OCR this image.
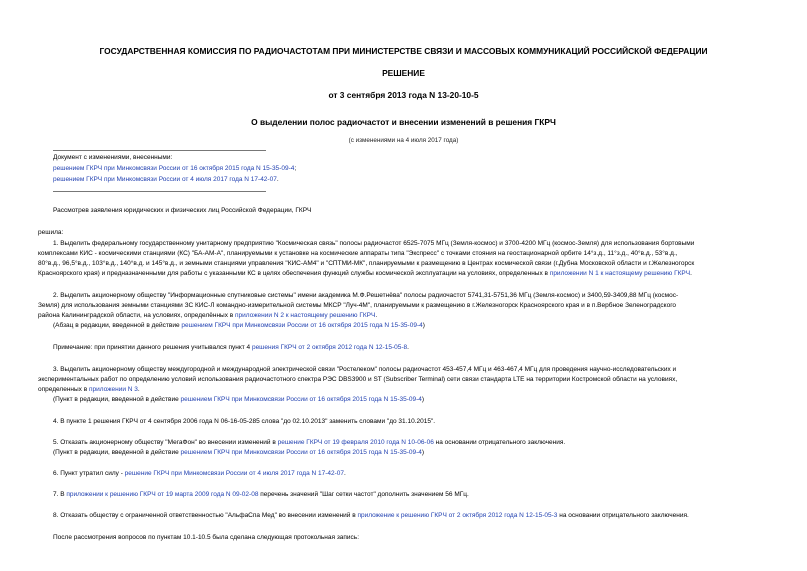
ГОСУДАРСТВЕННАЯ КОМИССИЯ ПО РАДИОЧАСТОТАМ ПРИ МИНИСТЕРСТВЕ СВЯЗИ И МАССОВЫХ КОММУНИКАЦИЙ РОССИЙСКОЙ ФЕДЕРАЦИИ
РЕШЕНИЕ
от 3 сентября 2013 года N 13-20-10-5
О выделении полос радиочастот и внесении изменений в решения ГКРЧ
(с изменениями на 4 июля 2017 года)
Документ с изменениями, внесенными:
решением ГКРЧ при Минкомсвязи России от 16 октября 2015 года N 15-35-09-4;
решением ГКРЧ при Минкомсвязи России от 4 июля 2017 года N 17-42-07.
Рассмотрев заявления юридических и физических лиц Российской Федерации, ГКРЧ
решила:
1. Выделить федеральному государственному унитарному предприятию "Космическая связь" полосы радиочастот 6525-7075 МГц (Земля-космос) и 3700-4200 МГц (космос-Земля) для использования бортовыми
комплексами КИС - космическими станциями (КС) "БА-АМ-А", планируемыми к установке на космические аппараты типа "Экспресс" с точками стояния на геостационарной орбите 14°з.д., 11°з.д., 40°в.д., 53°в.д.,
80°в.д., 96,5°в.д., 103°в.д., 140°в.д. и 145°в.д., и земными станциями управления "КИС-АМ4" и "СПТМИ-МК", планируемыми к размещению в Центрах космической связи (г.Дубна Московской области и г.Железногорск
Красноярского края) и предназначенными для работы с указанными КС в целях обеспечения функций службы космической эксплуатации на условиях, определенных в приложении N 1 к настоящему решению ГКРЧ.
2. Выделить акционерному обществу "Информационные спутниковые системы" имени академика М.Ф.Решетнёва" полосы радиочастот 5741,31-5751,36 МГц (Земля-космос) и 3400,59-3409,88 МГц (космос-
Земля) для использования земными станциями ЗС КИС-Л командно-измерительной системы МКСР "Луч-4М", планируемыми к размещению в г.Железногорск Красноярского края и в п.Вербное Зеленоградского
района Калининградской области, на условиях, определённых в приложении N 2 к настоящему решению ГКРЧ.
(Абзац в редакции, введенной в действие решением ГКРЧ при Минкомсвязи России от 16 октября 2015 года N 15-35-09-4)
Примечание: при принятии данного решения учитывался пункт 4 решения ГКРЧ от 2 октября 2012 года N 12-15-05-8.
3. Выделить акционерному обществу междугородной и международной электрической связи "Ростелеком" полосы радиочастот 453-457,4 МГц и 463-467,4 МГц для проведения научно-исследовательских и
экспериментальных работ по определению условий использования радиочастотного спектра РЭС DBS3900 и ST (Subscriber Terminal) сети связи стандарта LTE на территории Костромской области на условиях,
определенных в приложении N 3.
(Пункт в редакции, введенной в действие решением ГКРЧ при Минкомсвязи России от 16 октября 2015 года N 15-35-09-4)
4. В пункте 1 решения ГКРЧ от 4 сентября 2006 года N 06-16-05-285 слова "до 02.10.2013" заменить словами "до 31.10.2015".
5. Отказать акционерному обществу "МегаФон" во внесении изменений в решение ГКРЧ от 19 февраля 2010 года N 10-06-06 на основании отрицательного заключения.
(Пункт в редакции, введенной в действие решением ГКРЧ при Минкомсвязи России от 16 октября 2015 года N 15-35-09-4)
6. Пункт утратил силу - решение ГКРЧ при Минкомсвязи России от 4 июля 2017 года N 17-42-07.
7. В приложении к решению ГКРЧ от 19 марта 2009 года N 09-02-08 перечень значений "Шаг сетки частот" дополнить значением 56 МГц.
8. Отказать обществу с ограниченной ответственностью "АльфаСпа Мед" во внесении изменений в приложение к решению ГКРЧ от 2 октября 2012 года N 12-15-05-3 на основании отрицательного заключения.
После рассмотрения вопросов по пунктам 10.1-10.5 была сделана следующая протокольная запись:
